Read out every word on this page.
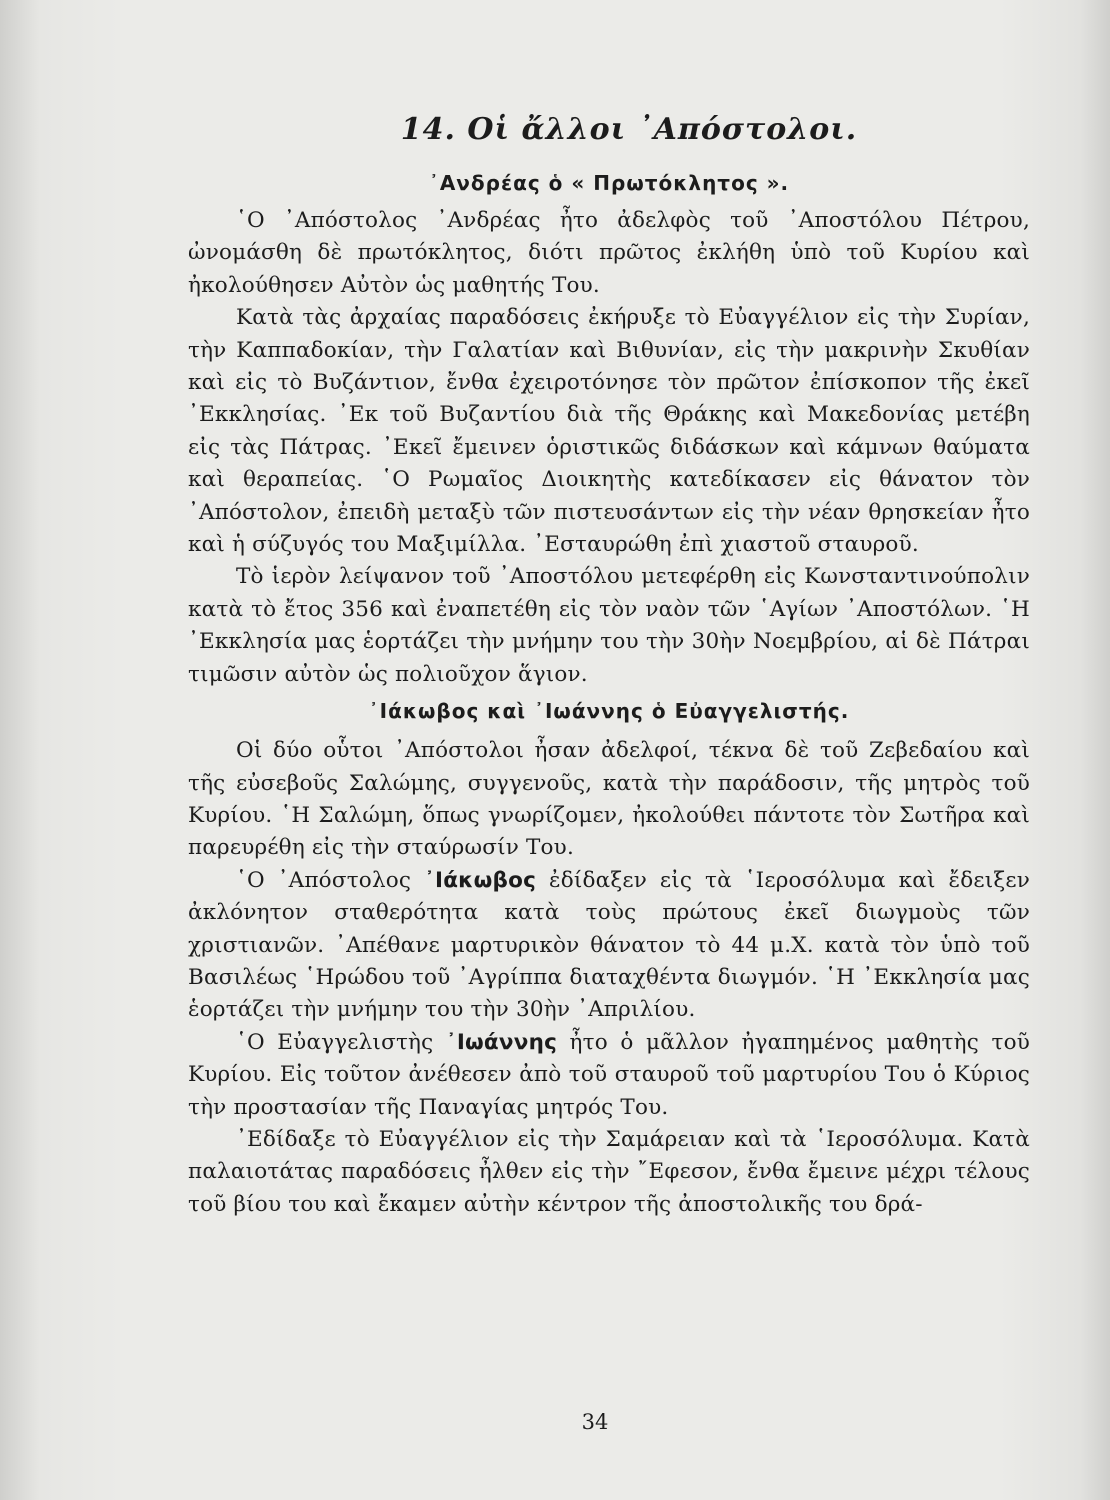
14. Οἱ ἄλλοι ᾿Απόστολοι.
᾿Ανδρέας ὁ « Πρωτόκλητος ».

῾Ο ᾿Απόστολος ᾿Ανδρέας ἦτο ἀδελφὸς τοῦ ᾿Αποστόλου Πέτρου, ὠνομάσθη δὲ πρωτόκλητος, διότι πρῶτος ἐκλήθη ὑπὸ τοῦ Κυρίου καὶ ἠκολούθησεν Αὐτὸν ὡς μαθητής Του.

Κατὰ τὰς ἀρχαίας παραδόσεις ἐκήρυξε τὸ Εὐαγγέλιον εἰς τὴν Συρίαν, τὴν Καππαδοκίαν, τὴν Γαλατίαν καὶ Βιθυνίαν, εἰς τὴν μακρινὴν Σκυθίαν καὶ εἰς τὸ Βυζάντιον, ἔνθα ἐχειροτόνησε τὸν πρῶτον ἐπίσκοπον τῆς ἐκεῖ ᾿Εκκλησίας. ᾿Εκ τοῦ Βυζαντίου διὰ τῆς Θράκης καὶ Μακεδονίας μετέβη εἰς τὰς Πάτρας. ᾿Εκεῖ ἔμεινεν ὁριστικῶς διδάσκων καὶ κάμνων θαύματα καὶ θεραπείας. ῾Ο Ρωμαῖος Διοικητὴς κατεδίκασεν εἰς θάνατον τὸν ᾿Απόστολον, ἐπειδὴ μεταξὺ τῶν πιστευσάντων εἰς τὴν νέαν θρησκείαν ἦτο καὶ ἡ σύζυγός του Μαξιμίλλα. ᾿Εσταυρώθη ἐπὶ χιαστοῦ σταυροῦ.

Τὸ ἱερὸν λείψανον τοῦ ᾿Αποστόλου μετεφέρθη εἰς Κωνσταντινούπολιν κατὰ τὸ ἔτος 356 καὶ ἐναπετέθη εἰς τὸν ναὸν τῶν ῾Αγίων ᾿Αποστόλων. ῾Η ᾿Εκκλησία μας ἑορτάζει τὴν μνήμην του τὴν 30ὴν Νοεμβρίου, αἱ δὲ Πάτραι τιμῶσιν αὐτὸν ὡς πολιοῦχον ἅγιον.

᾿Ιάκωβος καὶ ᾿Ιωάννης ὁ Εὐαγγελιστής.

Οἱ δύο οὗτοι ᾿Απόστολοι ἦσαν ἀδελφοί, τέκνα δὲ τοῦ Ζεβεδαίου καὶ τῆς εὐσεβοῦς Σαλώμης, συγγενοῦς, κατὰ τὴν παράδοσιν, τῆς μητρὸς τοῦ Κυρίου. ῾Η Σαλώμη, ὅπως γνωρίζομεν, ἠκολούθει πάντοτε τὸν Σωτῆρα καὶ παρευρέθη εἰς τὴν σταύρωσίν Του.

῾Ο ᾿Απόστολος ᾿Ιάκωβος ἐδίδαξεν εἰς τὰ ῾Ιεροσόλυμα καὶ ἔδειξεν ἀκλόνητον σταθερότητα κατὰ τοὺς πρώτους ἐκεῖ διωγμοὺς τῶν χριστιανῶν. ᾿Απέθανε μαρτυρικὸν θάνατον τὸ 44 μ.Χ. κατὰ τὸν ὑπὸ τοῦ Βασιλέως ῾Ηρώδου τοῦ ᾿Αγρίππα διαταχθέντα διωγμόν. ῾Η ᾿Εκκλησία μας ἑορτάζει τὴν μνήμην του τὴν 30ὴν ᾿Απριλίου.

῾Ο Εὐαγγελιστὴς ᾿Ιωάννης ἦτο ὁ μᾶλλον ἠγαπημένος μαθητὴς τοῦ Κυρίου. Εἰς τοῦτον ἀνέθεσεν ἀπὸ τοῦ σταυροῦ τοῦ μαρτυρίου Του ὁ Κύριος τὴν προστασίαν τῆς Παναγίας μητρός Του.

᾿Εδίδαξε τὸ Εὐαγγέλιον εἰς τὴν Σαμάρειαν καὶ τὰ ῾Ιεροσόλυμα. Κατὰ παλαιοτάτας παραδόσεις ἦλθεν εἰς τὴν ῎Εφεσον, ἔνθα ἔμεινε μέχρι τέλους τοῦ βίου του καὶ ἔκαμεν αὐτὴν κέντρον τῆς ἀποστολικῆς του δρά-

34
